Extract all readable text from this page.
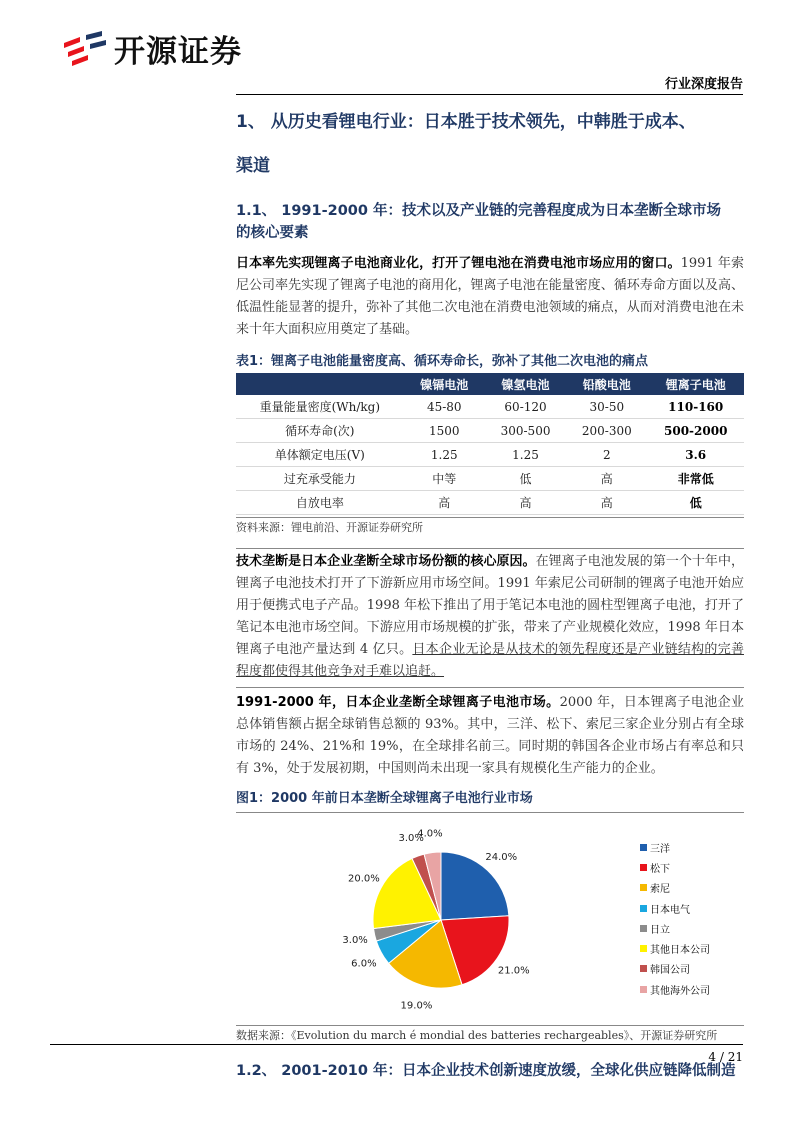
开源证券
行业深度报告
1、 从历史看锂电行业：日本胜于技术领先，中韩胜于成本、
渠道
1.1、 1991-2000 年：技术以及产业链的完善程度成为日本垄断全球市场
的核心要素
日本率先实现锂离子电池商业化，打开了锂电池在消费电池市场应用的窗口。1991 年索尼公司率先实现了锂离子电池的商用化，锂离子电池在能量密度、循环寿命方面以及高、低温性能显著的提升，弥补了其他二次电池在消费电池领域的痛点，从而对消费电池在未来十年大面积应用奠定了基础。
表1：锂离子电池能量密度高、循环寿命长，弥补了其他二次电池的痛点
	镍镉电池	镍氢电池	铅酸电池	锂离子电池
重量能量密度(Wh/kg)	45-80	60-120	30-50	110-160
循环寿命(次)	1500	300-500	200-300	500-2000
单体额定电压(V)	1.25	1.25	2	3.6
过充承受能力	中等	低	高	非常低
自放电率	高	高	高	低
资料来源：锂电前沿、开源证券研究所
技术垄断是日本企业垄断全球市场份额的核心原因。在锂离子电池发展的第一个十年中，锂离子电池技术打开了下游新应用市场空间。1991 年索尼公司研制的锂离子电池开始应用于便携式电子产品。1998 年松下推出了用于笔记本电池的圆柱型锂离子电池，打开了笔记本电池市场空间。下游应用市场规模的扩张，带来了产业规模化效应，1998 年日本锂离子电池产量达到 4 亿只。日本企业无论是从技术的领先程度还是产业链结构的完善程度都使得其他竞争对手难以追赶。
1991-2000 年，日本企业垄断全球锂离子电池市场。2000 年，日本锂离子电池企业总体销售额占据全球销售总额的 93%。其中，三洋、松下、索尼三家企业分别占有全球市场的 24%、21%和 19%，在全球排名前三。同时期的韩国各企业市场占有率总和只有 3%，处于发展初期，中国则尚未出现一家具有规模化生产能力的企业。
图1：2000 年前日本垄断全球锂离子电池行业市场
24.0%
21.0%
19.0%
6.0%
3.0%
20.0%
3.0%
4.0%
三洋
松下
索尼
日本电气
日立
其他日本公司
韩国公司
其他海外公司
数据来源：《Evolution du march é mondial des batteries rechargeables》、开源证券研究所
1.2、 2001-2010 年：日本企业技术创新速度放缓，全球化供应链降低制造
4 / 21
